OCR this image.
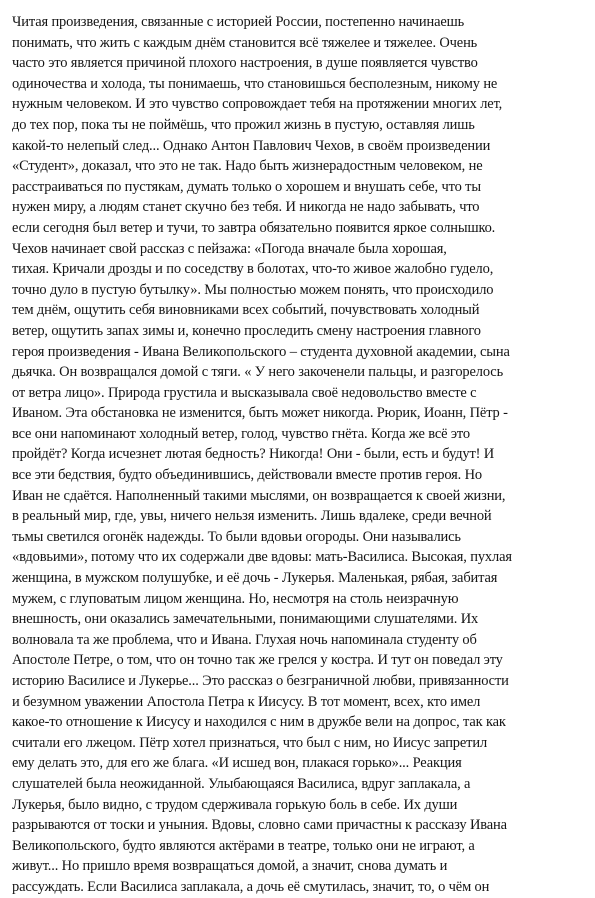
Читая произведения, связанные с историей России, постепенно начинаешь
понимать, что жить с каждым днём становится всё тяжелее и тяжелее. Очень
часто это является причиной плохого настроения, в душе появляется чувство
одиночества и холода, ты понимаешь, что становишься бесполезным, никому не
нужным человеком. И это чувство сопровождает тебя на протяжении многих лет,
до тех пор, пока ты не поймёшь, что прожил жизнь в пустую, оставляя лишь
какой-то нелепый след... Однако Антон Павлович Чехов, в своём произведении
«Студент», доказал, что это не так. Надо быть жизнерадостным человеком, не
расстраиваться по пустякам, думать только о хорошем и внушать себе, что ты
нужен миру, а людям станет скучно без тебя. И никогда не надо забывать, что
если сегодня был ветер и тучи, то завтра обязательно появится яркое солнышко.
Чехов начинает свой рассказ с пейзажа: «Погода вначале была хорошая,
тихая. Кричали дрозды и по соседству в болотах, что-то живое жалобно гудело,
точно дуло в пустую бутылку». Мы полностью можем понять, что происходило
тем днём, ощутить себя виновниками всех событий, почувствовать холодный
ветер, ощутить запах зимы и, конечно проследить смену настроения главного
героя произведения - Ивана Великопольского – студента духовной академии, сына
дьячка. Он возвращался домой с тяги. « У него закоченели пальцы, и разгорелось
от ветра лицо». Природа грустила и высказывала своё недовольство вместе с
Иваном. Эта обстановка не изменится, быть может никогда. Рюрик, Иоанн, Пётр -
все они напоминают холодный ветер, голод, чувство гнёта. Когда же всё это
пройдёт? Когда исчезнет лютая бедность? Никогда! Они - были, есть и будут! И
все эти бедствия, будто объединившись, действовали вместе против героя. Но
Иван не сдаётся. Наполненный такими мыслями, он возвращается к своей жизни,
в реальный мир, где, увы, ничего нельзя изменить. Лишь вдалеке, среди вечной
тьмы светился огонёк надежды. То были вдовьи огороды. Они назывались
«вдовьими», потому что их содержали две вдовы: мать-Василиса. Высокая, пухлая
женщина, в мужском полушубке, и её дочь - Лукерья. Маленькая, рябая, забитая
мужем, с глуповатым лицом женщина. Но, несмотря на столь неизрачную
внешность, они оказались замечательными, понимающими слушателями. Их
волновала та же проблема, что и Ивана. Глухая ночь напоминала студенту об
Апостоле Петре, о том, что он точно так же грелся у костра. И тут он поведал эту
историю Василисе и Лукерье... Это рассказ о безграничной любви, привязанности
и безумном уважении Апостола Петра к Иисусу. В тот момент, всех, кто имел
какое-то отношение к Иисусу и находился с ним в дружбе вели на допрос, так как
считали его лжецом. Пётр хотел признаться, что был с ним, но Иисус запретил
ему делать это, для его же блага. «И исшед вон, плакася горько»... Реакция
слушателей была неожиданной. Улыбающаяся Василиса, вдруг заплакала, а
Лукерья, было видно, с трудом сдерживала горькую боль в себе. Их души
разрываются от тоски и уныния. Вдовы, словно сами причастны к рассказу Ивана
Великопольского, будто являются актёрами в театре, только они не играют, а
живут... Но пришло время возвращаться домой, а значит, снова думать и
рассуждать. Если Василиса заплакала, а дочь её смутилась, значит, то, о чём он
